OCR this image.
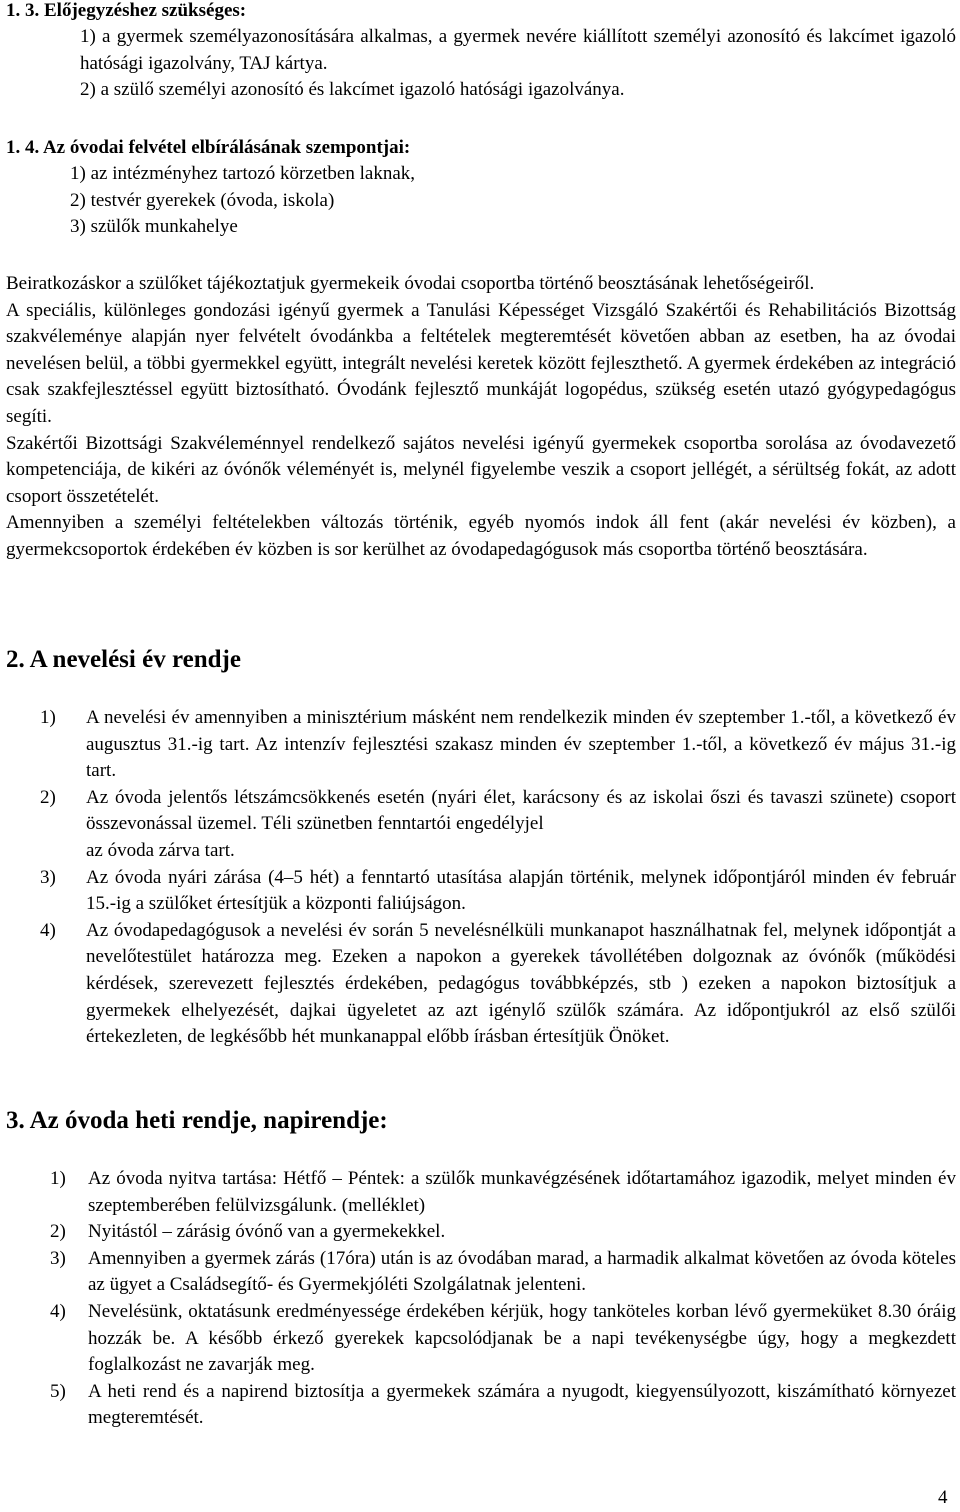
1. 3. Előjegyzéshez szükséges:
1) a gyermek személyazonosítására alkalmas, a gyermek nevére kiállított személyi azonosító és lakcímet igazoló hatósági igazolvány, TAJ kártya.
2) a szülő személyi azonosító és lakcímet igazoló hatósági igazolványa.
1. 4. Az óvodai felvétel elbírálásának szempontjai:
1) az intézményhez tartozó körzetben laknak,
2) testvér gyerekek (óvoda, iskola)
3) szülők munkahelye
Beiratkozáskor a szülőket tájékoztatjuk gyermekeik óvodai csoportba történő beosztásának lehetőségeiről.
A speciális, különleges gondozási igényű gyermek a Tanulási Képességet Vizsgáló Szakértői és Rehabilitációs Bizottság szakvéleménye alapján nyer felvételt óvodánkba a feltételek megteremtését követően abban az esetben, ha az óvodai nevelésen belül, a többi gyermekkel együtt, integrált nevelési keretek között fejleszthető. A gyermek érdekében az integráció csak szakfejlesztéssel együtt biztosítható. Óvodánk fejlesztő munkáját logopédus, szükség esetén utazó gyógypedagógus segíti.
Szakértői Bizottsági Szakvéleménnyel rendelkező sajátos nevelési igényű gyermekek csoportba sorolása az óvodavezető kompetenciája, de kikéri az óvónők véleményét is, melynél figyelembe veszik a csoport jellégét, a sérültség fokát, az adott csoport összetételét.
Amennyiben a személyi feltételekben változás történik, egyéb nyomós indok áll fent (akár nevelési év közben), a gyermekcsoportok érdekében év közben is sor kerülhet az óvodapedagógusok más csoportba történő beosztására.
2. A nevelési év rendje
1)	A nevelési év amennyiben a minisztérium másként nem rendelkezik minden év szeptember 1.-től, a következő év augusztus 31.-ig tart. Az intenzív fejlesztési szakasz minden év szeptember 1.-től, a következő év május 31.-ig tart.
2)	Az óvoda jelentős létszámcsökkenés esetén (nyári élet, karácsony és az iskolai őszi és tavaszi szünete) csoport összevonással üzemel. Téli szünetben fenntartói engedélyjel
az óvoda zárva tart.
3)	Az óvoda nyári zárása (4–5 hét) a fenntartó utasítása alapján történik, melynek időpontjáról minden év február 15.-ig a szülőket értesítjük a központi faliújságon.
4)	Az óvodapedagógusok a nevelési év során 5 nevelésnélküli munkanapot használhatnak fel, melynek időpontját a nevelőtestület határozza meg. Ezeken a napokon a gyerekek távollétében dolgoznak az óvónők (működési kérdések, szerevezett fejlesztés érdekében, pedagógus továbbképzés, stb ) ezeken a napokon biztosítjuk a gyermekek elhelyezését, dajkai ügyeletet az azt igénylő szülők számára. Az időpontjukról az első szülői értekezleten, de legkésőbb hét munkanappal előbb írásban értesítjük Önöket.
3. Az óvoda heti rendje, napirendje:
1)	Az óvoda nyitva tartása: Hétfő – Péntek: a szülők munkavégzésének időtartamához igazodik, melyet minden év szeptemberében felülvizsgálunk. (melléklet)
2)	Nyitástól – zárásig óvónő van a gyermekekkel.
3)	Amennyiben a gyermek zárás (17óra) után is az óvodában marad, a harmadik alkalmat követően az óvoda köteles az ügyet a Családsegítő- és Gyermekjóléti Szolgálatnak jelenteni.
4)	Nevelésünk, oktatásunk eredményessége érdekében kérjük, hogy tanköteles korban lévő gyermeküket 8.30 óráig hozzák be. A később érkező gyerekek kapcsolódjanak be a napi tevékenységbe úgy, hogy a megkezdett foglalkozást ne zavarják meg.
5)	A heti rend és a napirend biztosítja a gyermekek számára a nyugodt, kiegyensúlyozott, kiszámítható környezet megteremtését.
4
